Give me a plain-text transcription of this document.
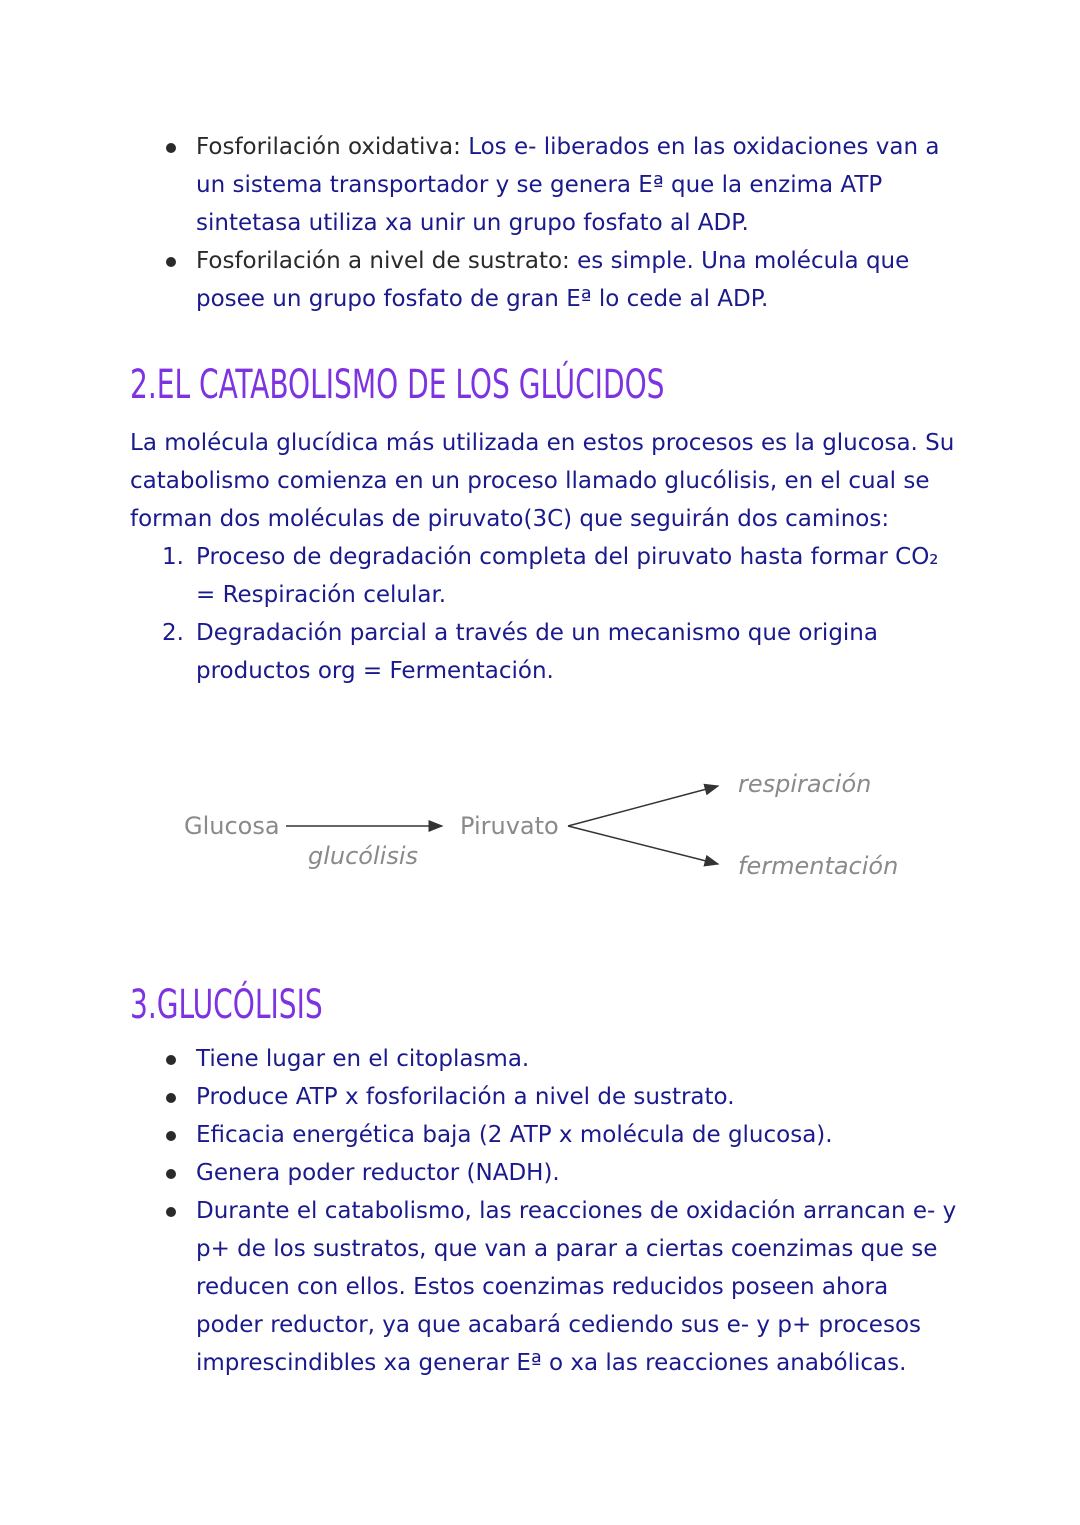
Fosforilación oxidativa: Los e- liberados en las oxidaciones van a un sistema transportador y se genera Eª que la enzima ATP sintetasa utiliza xa unir un grupo fosfato al ADP.
Fosforilación a nivel de sustrato: es simple. Una molécula que posee un grupo fosfato de gran Eª lo cede al ADP.
2.EL CATABOLISMO DE LOS GLÚCIDOS

La molécula glucídica más utilizada en estos procesos es la glucosa. Su catabolismo comienza en un proceso llamado glucólisis, en el cual se forman dos moléculas de piruvato(3C) que seguirán dos caminos:

1. Proceso de degradación completa del piruvato hasta formar CO₂ = Respiración celular.
2. Degradación parcial a través de un mecanismo que origina productos org = Fermentación.
Glucosa
glucólisis
Piruvato
respiración
fermentación
3.GLUCÓLISIS
Tiene lugar en el citoplasma.
Produce ATP x fosforilación a nivel de sustrato.
Eficacia energética baja (2 ATP x molécula de glucosa).
Genera poder reductor (NADH).
Durante el catabolismo, las reacciones de oxidación arrancan e- y p+ de los sustratos, que van a parar a ciertas coenzimas que se reducen con ellos. Estos coenzimas reducidos poseen ahora poder reductor, ya que acabará cediendo sus e- y p+ procesos imprescindibles xa generar Eª o xa las reacciones anabólicas.
